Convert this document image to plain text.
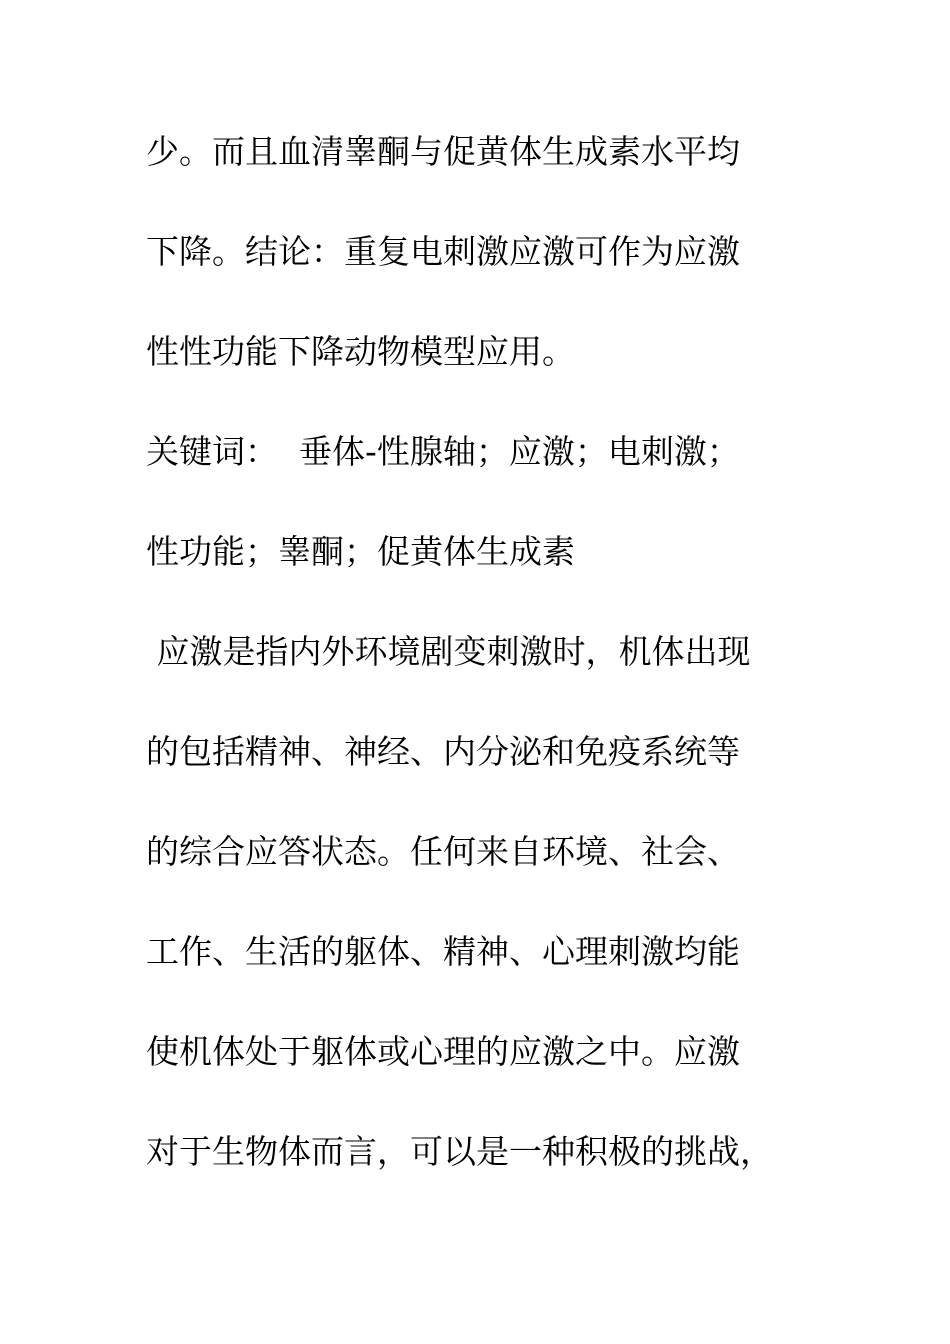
少。而且血清睾酮与促黄体生成素水平均
下降。结论：重复电刺激应激可作为应激
性性功能下降动物模型应用。
关键词：  垂体-性腺轴；应激；电刺激；
性功能；睾酮；促黄体生成素
应激是指内外环境剧变刺激时，机体出现
的包括精神、神经、内分泌和免疫系统等
的综合应答状态。任何来自环境、社会、
工作、生活的躯体、精神、心理刺激均能
使机体处于躯体或心理的应激之中。应激
对于生物体而言，可以是一种积极的挑战，
